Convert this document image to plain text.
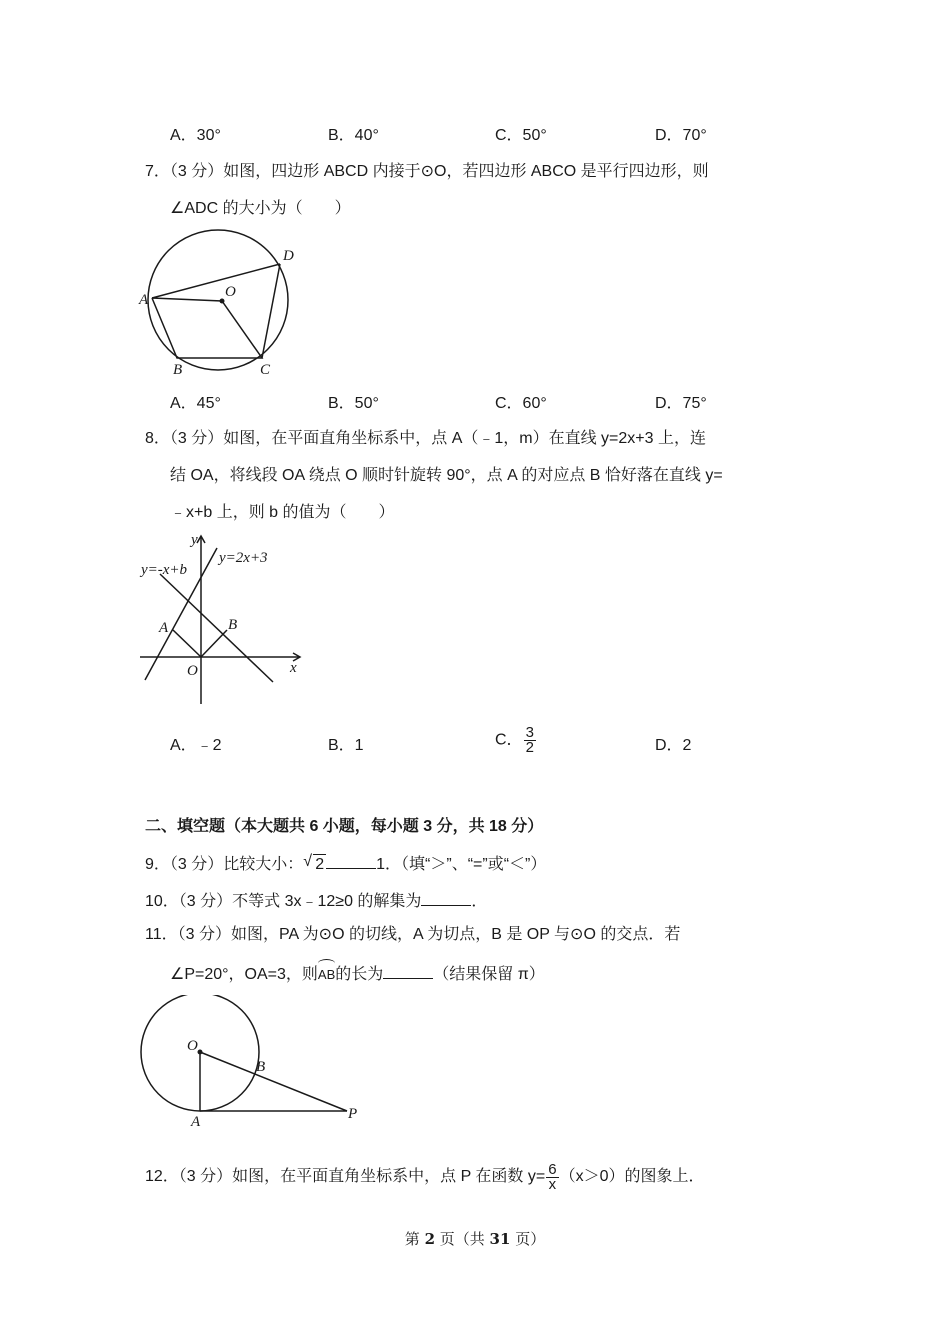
A．30°	B．40°	C．50°	D．70°
7．（3 分）如图，四边形 ABCD 内接于⊙O，若四边形 ABCO 是平行四边形，则
∠ADC 的大小为（　　）
A
B	C
D
O
A．45°	B．50°	C．60°	D．75°
8．（3 分）如图，在平面直角坐标系中，点 A（﹣1，m）在直线 y=2x+3 上，连
结 OA，将线段 OA 绕点 O 顺时针旋转 90°，点 A 的对应点 B 恰好落在直线 y=
﹣x+b 上，则 b 的值为（　　）
y
x
O
A	B
y=-x+b
y=2x+3
A．﹣2	B．1	C． $\frac{3}{2}$	D．2
二、填空题（本大题共 6 小题，每小题 3 分，共 18 分）
9．（3 分）比较大小： √ 2	1．（填“＞”、“=”或“＜”）
10．（3 分）不等式 3x﹣12≥0 的解集为	．
11．（3 分）如图，PA 为⊙O 的切线，A 为切点，B 是 OP 与⊙O 的交点．若
∠P=20°，OA=3，则
AB的长为	（结果保留 π）
O
A
B
P
12．（3 分）如图，在平面直角坐标系中，点 P 在函数 $y= \frac{6}{x} (x>0)$的图象上．
第 2 页（共 31 页）
